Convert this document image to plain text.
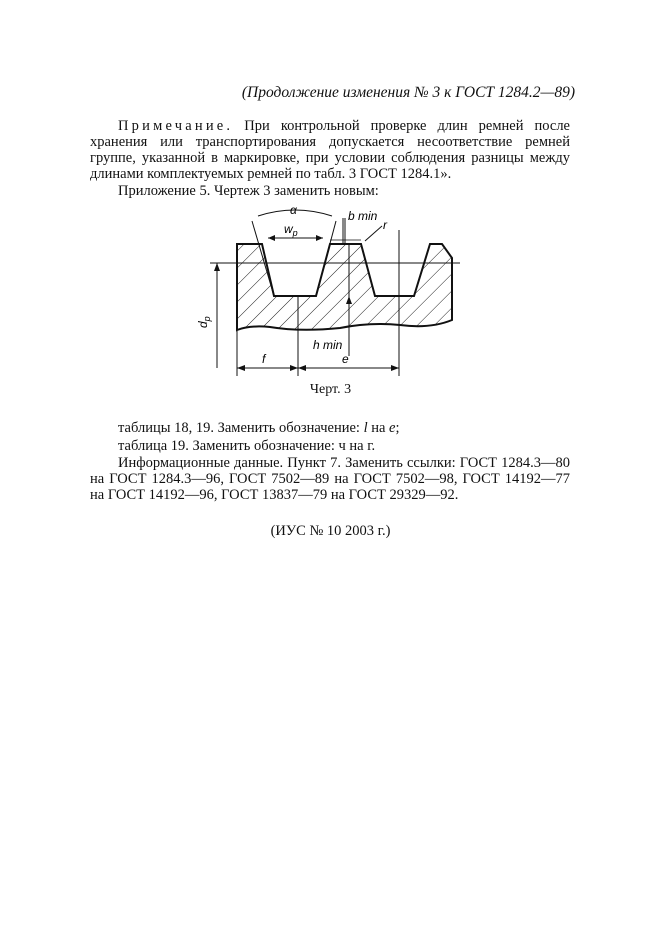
(Продолжение изменения № 3 к ГОСТ 1284.2—89)
Примечание. При контрольной проверке длин ремней после хранения или транспортирования допускается несоответствие ремней группе, указанной в маркировке, при условии соблюдения разницы между длинами комплектуемых ремней по табл. 3 ГОСТ 1284.1».
Приложение 5. Чертеж 3 заменить новым:
α
$w_p$
b min
r
$d_p$
h min
f	e
Черт. 3
таблицы 18, 19. Заменить обозначение: l на e;
таблица 19. Заменить обозначение: ч на г.
Информационные данные. Пункт 7. Заменить ссылки: ГОСТ 1284.3—80 на ГОСТ 1284.3—96, ГОСТ 7502—89 на ГОСТ 7502—98, ГОСТ 14192—77 на ГОСТ 14192—96, ГОСТ 13837—79 на ГОСТ 29329—92.
(ИУС № 10 2003 г.)
